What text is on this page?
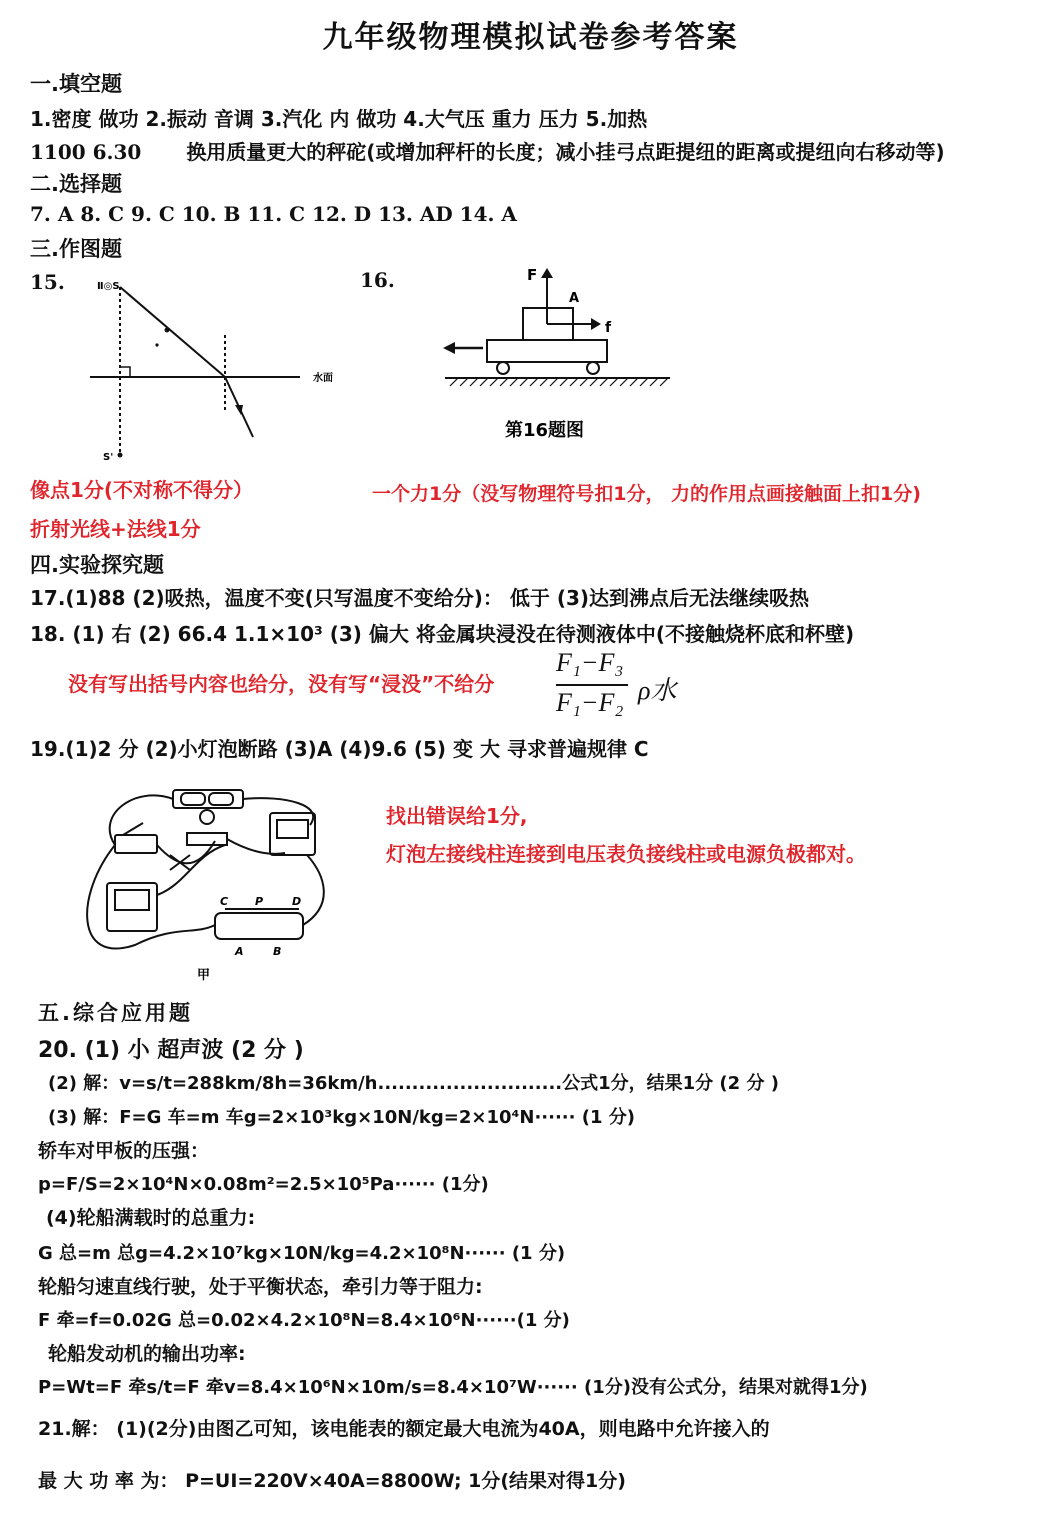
九年级物理模拟试卷参考答案
一.填空题
1.密度 做功 2.振动 音调 3.汽化 内 做功 4.大气压 重力 压力 5.加热
1100 6.30 换用质量更大的秤砣(或增加秤杆的长度；减小挂弓点距提纽的距离或提纽向右移动等)
二.选择题
7. A 8. C 9. C 10. B 11. C 12. D 13. AD 14. A
三.作图题
15.	16.
Ⅱ◎S
S'
水面
F
A
f
第16题图
像点1分(不对称不得分）	一个力1分（没写物理符号扣1分， 力的作用点画接触面上扣1分)
折射光线+法线1分
四.实验探究题
17.(1)88 (2)吸热，温度不变(只写温度不变给分)： 低于 (3)达到沸点后无法继续吸热
18. (1) 右 (2) 66.4 1.1×10³ (3) 偏大 将金属块浸没在待测液体中(不接触烧杯底和杯壁)
没有写出括号内容也给分，没有写“浸没”不给分
F₁−F₃
F₁−F₂ ρ水
19.(1)2 分 (2)小灯泡断路 (3)A (4)9.6 (5) 变 大 寻求普遍规律 C
C P	D
A	B
甲
找出错误给1分,
灯泡左接线柱连接到电压表负接线柱或电源负极都对。
五.综合应用题
20. (1) 小 超声波 (2 分 )
(2) 解：v=s/t=288km/8h=36km/h...........................公式1分，结果1分 (2 分 )
(3) 解：F=G 车=m 车g=2×10³kg×10N/kg=2×10⁴N······ (1 分)
轿车对甲板的压强：
p=F/S=2×10⁴N×0.08m²=2.5×10⁵Pa······ (1分)
(4)轮船满载时的总重力:
G 总=m 总g=4.2×10⁷kg×10N/kg=4.2×10⁸N······ (1 分)
轮船匀速直线行驶，处于平衡状态，牵引力等于阻力:
F 牵=f=0.02G 总=0.02×4.2×10⁸N=8.4×10⁶N······(1 分)
轮船发动机的输出功率:
P=Wt=F 牵s/t=F 牵v=8.4×10⁶N×10m/s=8.4×10⁷W······ (1分)没有公式分，结果对就得1分)
21.解： (1)(2分)由图乙可知，该电能表的额定最大电流为40A，则电路中允许接入的
最 大 功 率 为： P=UI=220V×40A=8800W; 1分(结果对得1分)
